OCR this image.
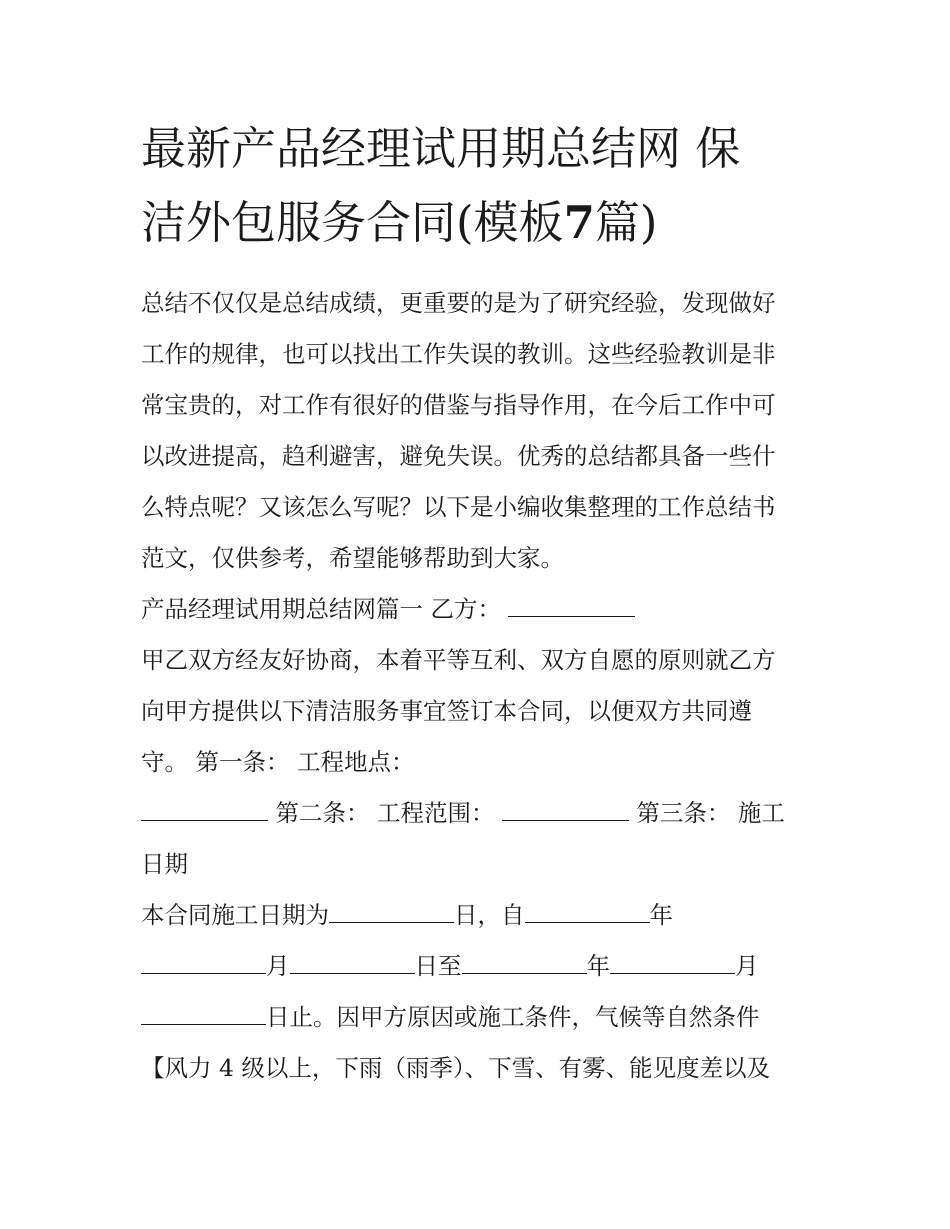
最新产品经理试用期总结网 保
洁外包服务合同(模板7篇)
总结不仅仅是总结成绩，更重要的是为了研究经验，发现做好
工作的规律，也可以找出工作失误的教训。这些经验教训是非
常宝贵的，对工作有很好的借鉴与指导作用，在今后工作中可
以改进提高，趋利避害，避免失误。优秀的总结都具备一些什
么特点呢？又该怎么写呢？以下是小编收集整理的工作总结书
范文，仅供参考，希望能够帮助到大家。
产品经理试用期总结网篇一 乙方：
甲乙双方经友好协商，本着平等互利、双方自愿的原则就乙方
向甲方提供以下清洁服务事宜签订本合同，以便双方共同遵
守。 第一条： 工程地点：
第二条： 工程范围：	第三条： 施工
日期
本合同施工日期为	日，自	年
月	日至	年	月
日止。因甲方原因或施工条件，气候等自然条件
【风力 4 级以上，下雨（雨季）、下雪、有雾、能见度差以及
